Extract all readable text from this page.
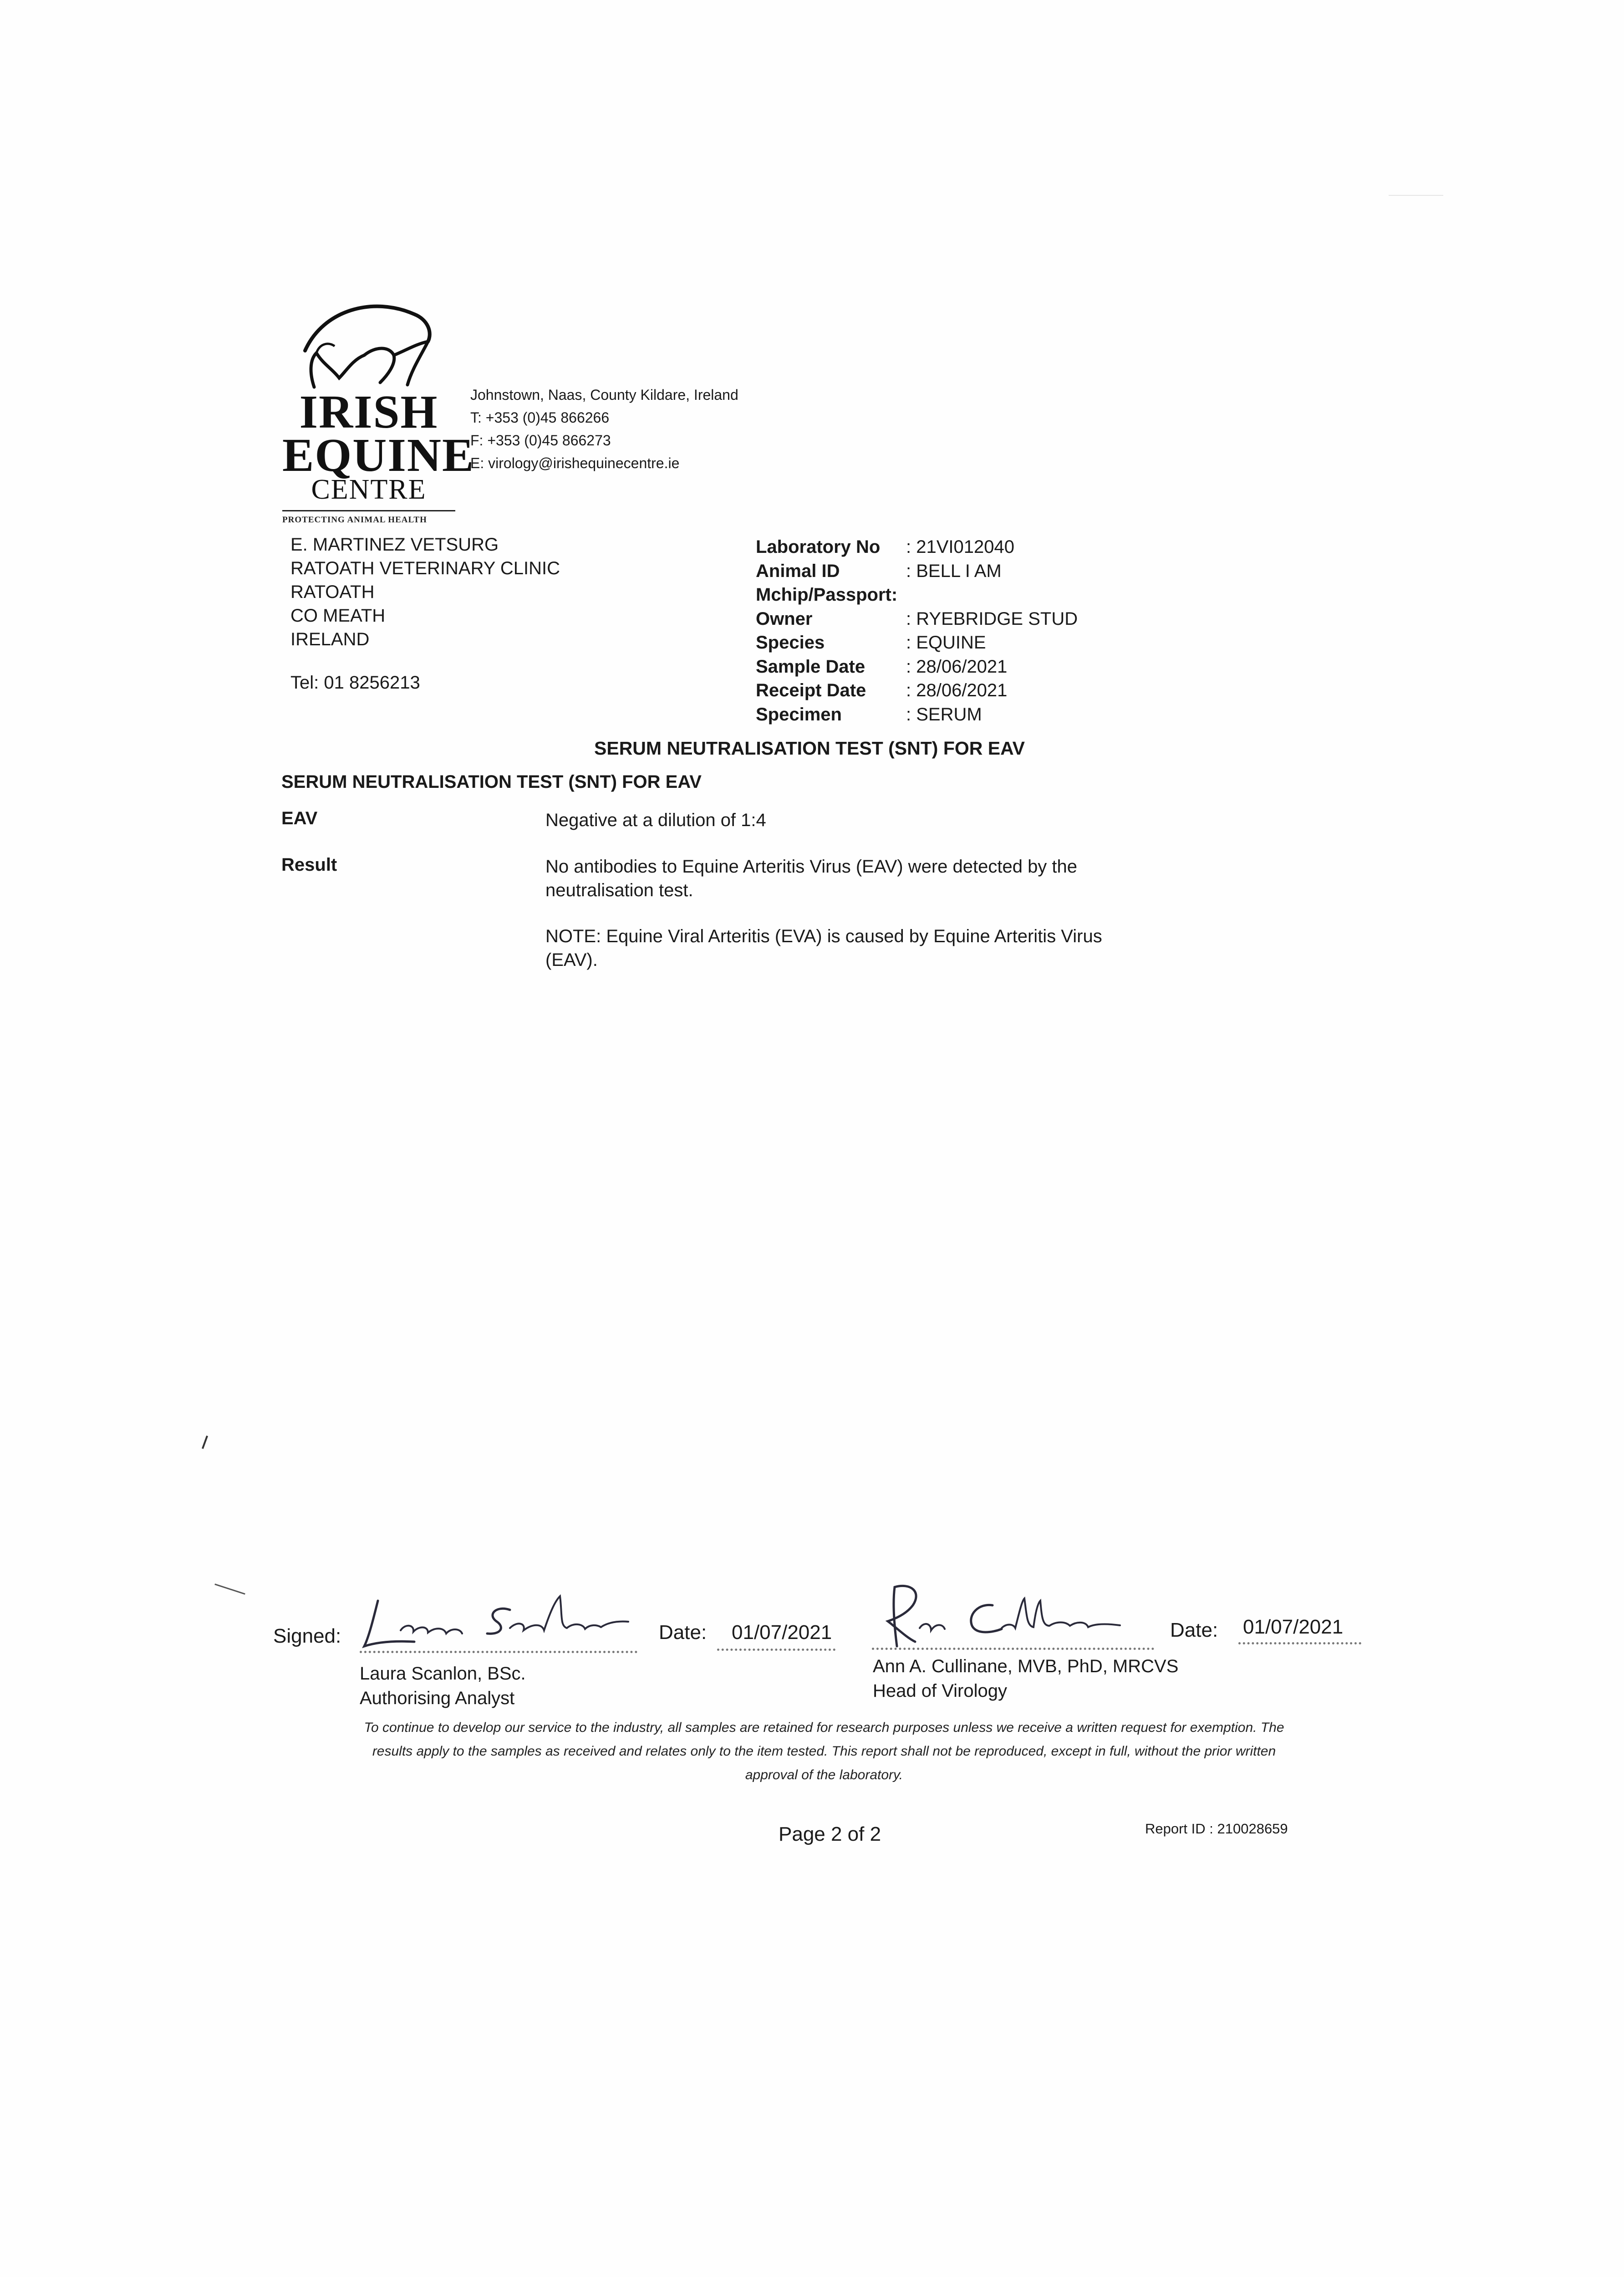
IRISH
EQUINE
CENTRE
PROTECTING ANIMAL HEALTH
Johnstown, Naas, County Kildare, Ireland
T: +353 (0)45 866266
F: +353 (0)45 866273
E: virology@irishequinecentre.ie
E. MARTINEZ VETSURG
RATOATH VETERINARY CLINIC
RATOATH
CO MEATH
IRELAND
Tel: 01 8256213
Laboratory No	: 21VI012040
Animal ID	: BELL I AM
Mchip/Passport:	
Owner	: RYEBRIDGE STUD
Species	: EQUINE
Sample Date	: 28/06/2021
Receipt Date	: 28/06/2021
Specimen	: SERUM
SERUM NEUTRALISATION TEST (SNT) FOR EAV
SERUM NEUTRALISATION TEST (SNT) FOR EAV
EAV	Negative at a dilution of 1:4
Result	No antibodies to Equine Arteritis Virus (EAV) were detected by the neutralisation test.
NOTE: Equine Viral Arteritis (EVA) is caused by Equine Arteritis Virus (EAV).
Signed:
Laura Scanlon
Date: 01/07/2021
Ann Cullinane
Date: 01/07/2021
Laura Scanlon, BSc.
Authorising Analyst
Ann A. Cullinane, MVB, PhD, MRCVS
Head of Virology
To continue to develop our service to the industry, all samples are retained for research purposes unless we receive a written request for exemption. The results apply to the samples as received and relates only to the item tested. This report shall not be reproduced, except in full, without the prior written approval of the laboratory.
Page 2 of 2	Report ID : 210028659
